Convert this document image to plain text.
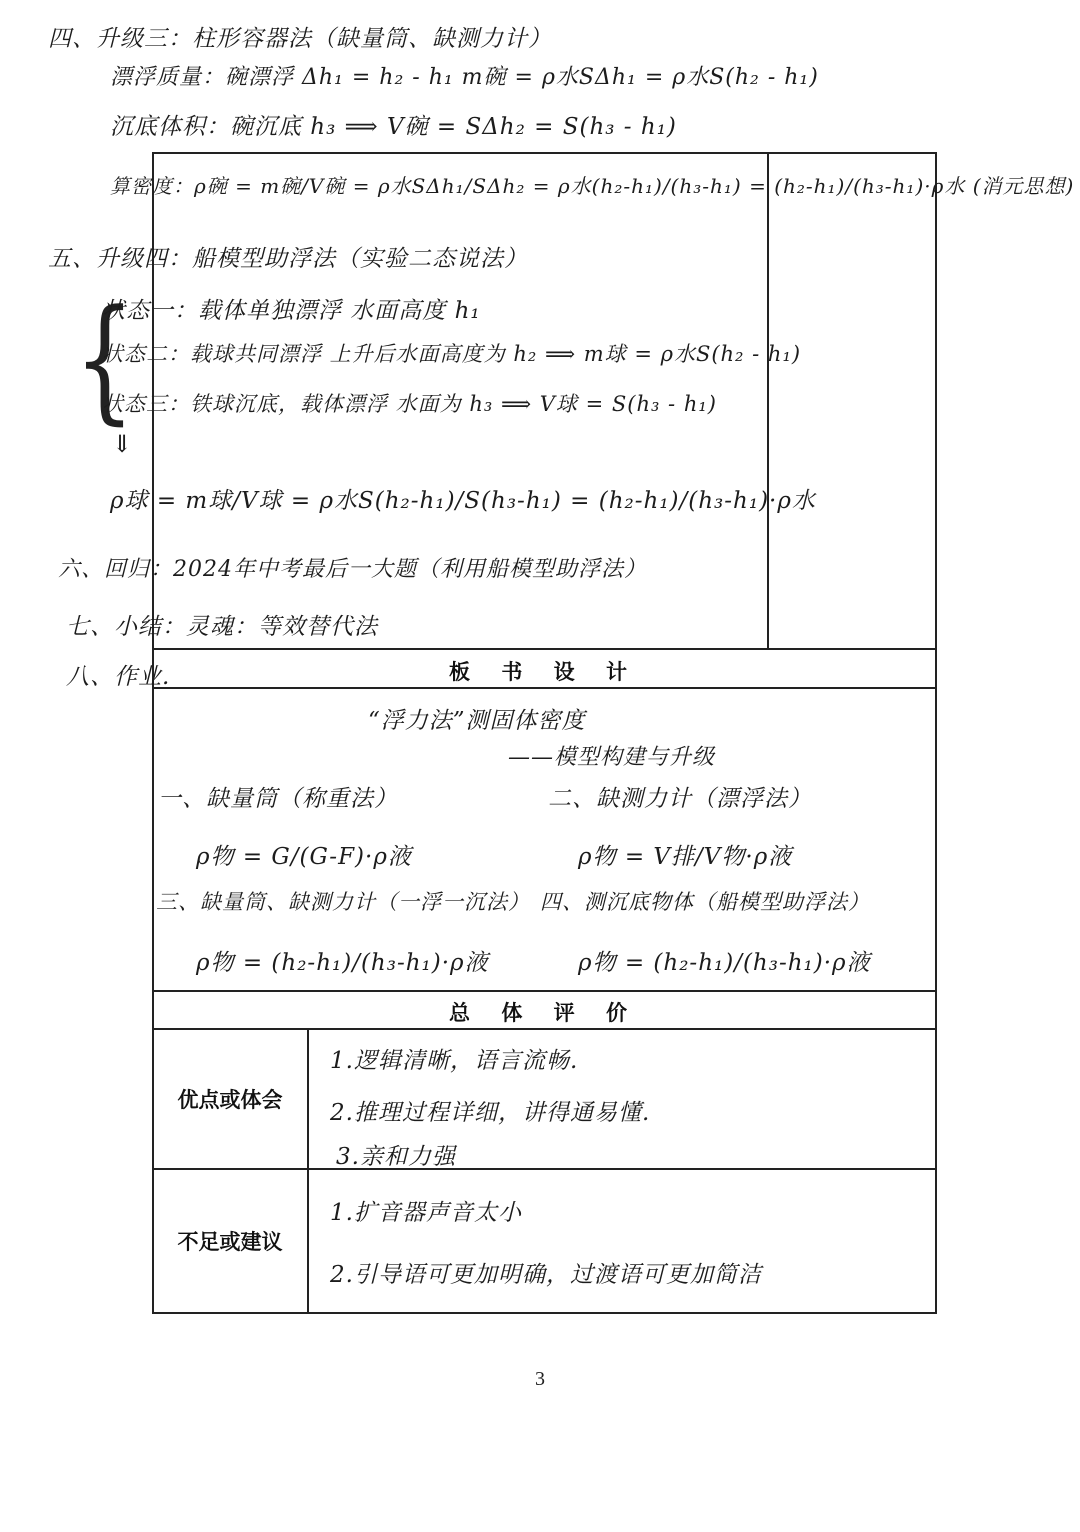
四、升级三：柱形容器法（缺量筒、缺测力计）
漂浮质量：碗漂浮 Δh₁ = h₂ - h₁ m碗 = ρ水SΔh₁ = ρ水S(h₂ - h₁)
沉底体积：碗沉底 h₃ ⟹ V碗 = SΔh₂ = S(h₃ - h₁)
算密度：ρ碗 = m碗/V碗 = ρ水SΔh₁/SΔh₂ = ρ水(h₂-h₁)/(h₃-h₁) = (h₂-h₁)/(h₃-h₁)·ρ水 (消元思想)
五、升级四：船模型助浮法（实验二态说法）
{
状态一：载体单独漂浮 水面高度 h₁
状态二：载球共同漂浮 上升后水面高度为 h₂ ⟹ m球 = ρ水S(h₂ - h₁)
状态三：铁球沉底，载体漂浮 水面为 h₃ ⟹ V球 = S(h₃ - h₁)
⇓
ρ球 = m球/V球 = ρ水S(h₂-h₁)/S(h₃-h₁) = (h₂-h₁)/(h₃-h₁)·ρ水
六、回归：2024年中考最后一大题（利用船模型助浮法）
七、小结：灵魂：等效替代法
八、作业.	板 书 设 计
“浮力法”测固体密度
——模型构建与升级
一、缺量筒（称重法）
ρ物 = G/(G-F)·ρ液
二、缺测力计（漂浮法）
ρ物 = V排/V物·ρ液
三、缺量筒、缺测力计（一浮一沉法）
ρ物 = (h₂-h₁)/(h₃-h₁)·ρ液
四、测沉底物体（船模型助浮法）
ρ物 = (h₂-h₁)/(h₃-h₁)·ρ液
总 体 评 价
优点或体会
1.逻辑清晰，语言流畅.
2.推理过程详细，讲得通易懂.
3.亲和力强
不足或建议
1.扩音器声音太小
2.引导语可更加明确，过渡语可更加简洁
3
